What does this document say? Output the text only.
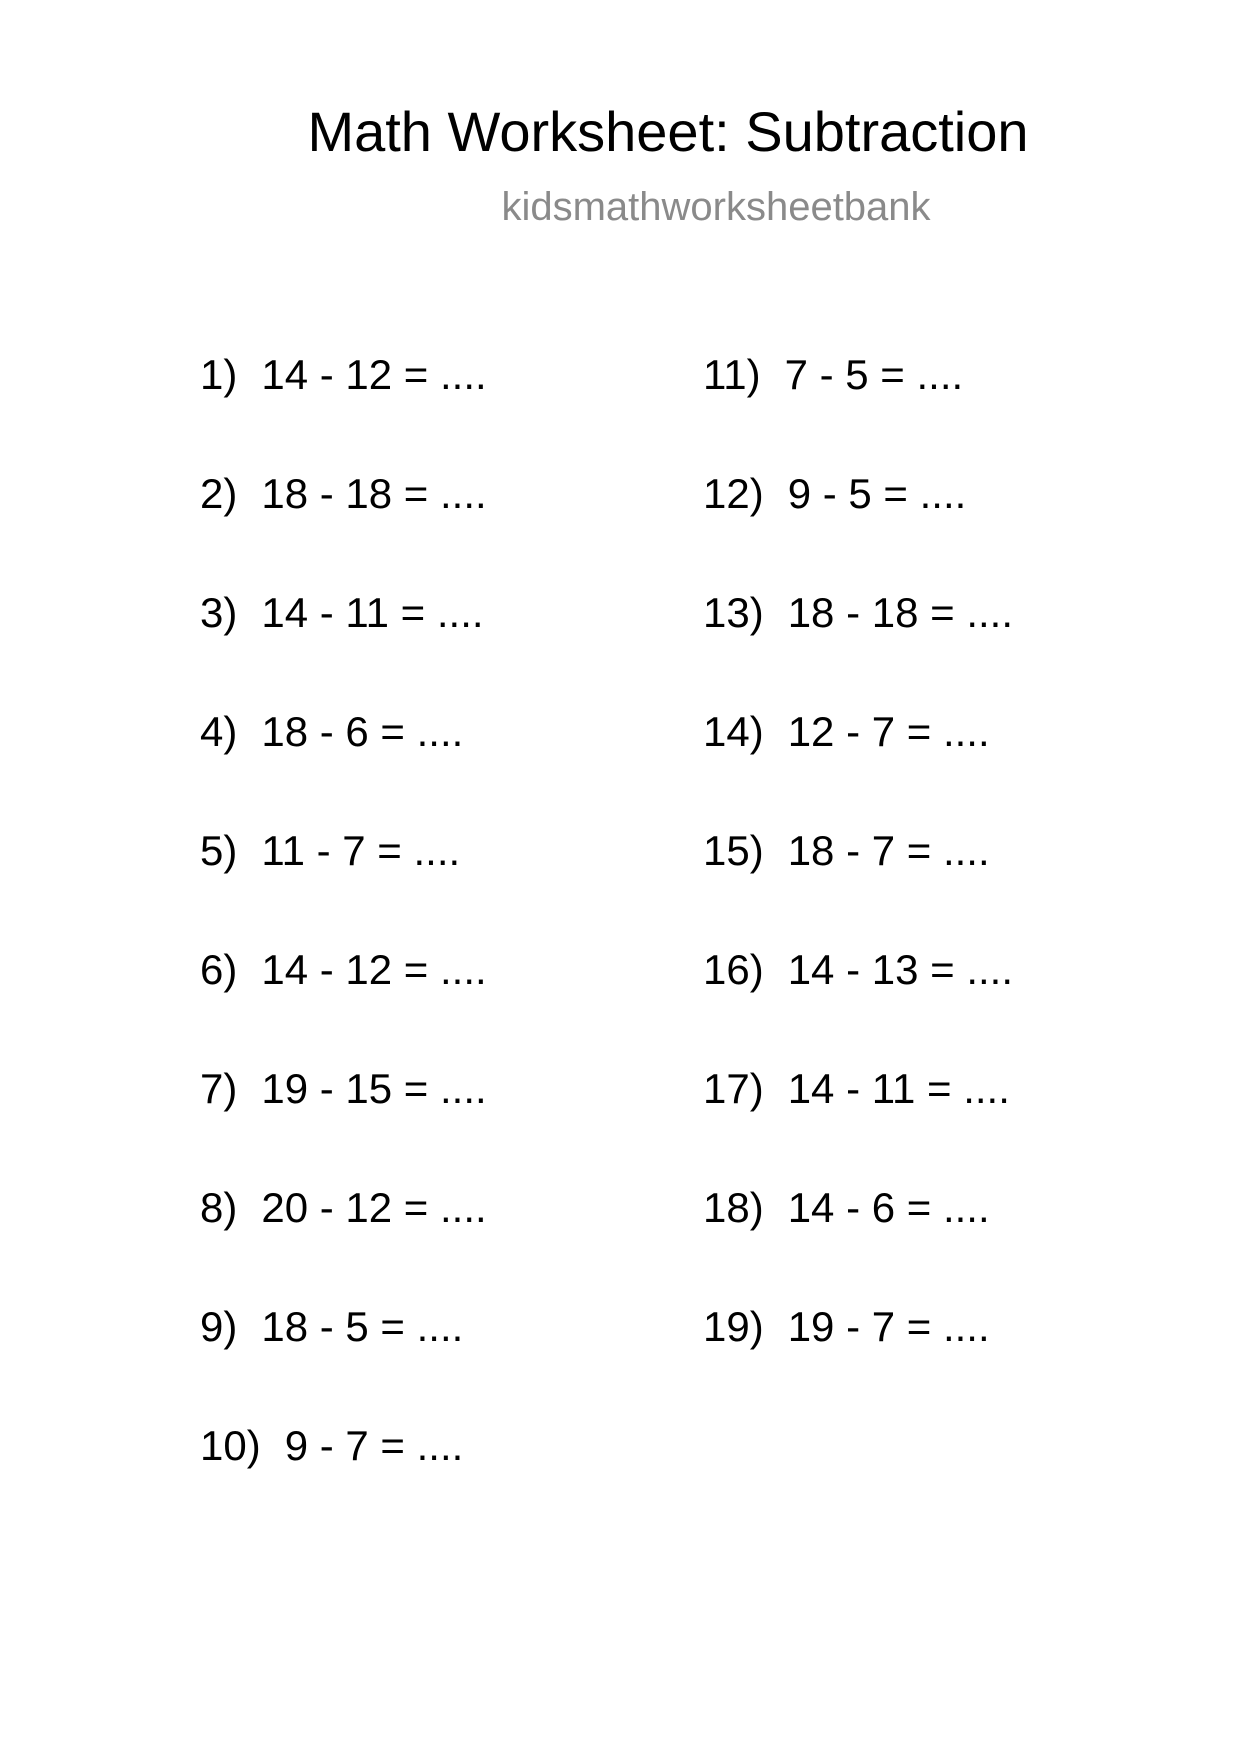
Math Worksheet: Subtraction
kidsmathworksheetbank
1) 14 - 12 = ....
2) 18 - 18 = ....
3) 14 - 11 = ....
4) 18 - 6 = ....
5) 11 - 7 = ....
6) 14 - 12 = ....
7) 19 - 15 = ....
8) 20 - 12 = ....
9) 18 - 5 = ....
10) 9 - 7 = ....
11) 7 - 5 = ....
12) 9 - 5 = ....
13) 18 - 18 = ....
14) 12 - 7 = ....
15) 18 - 7 = ....
16) 14 - 13 = ....
17) 14 - 11 = ....
18) 14 - 6 = ....
19) 19 - 7 = ....
